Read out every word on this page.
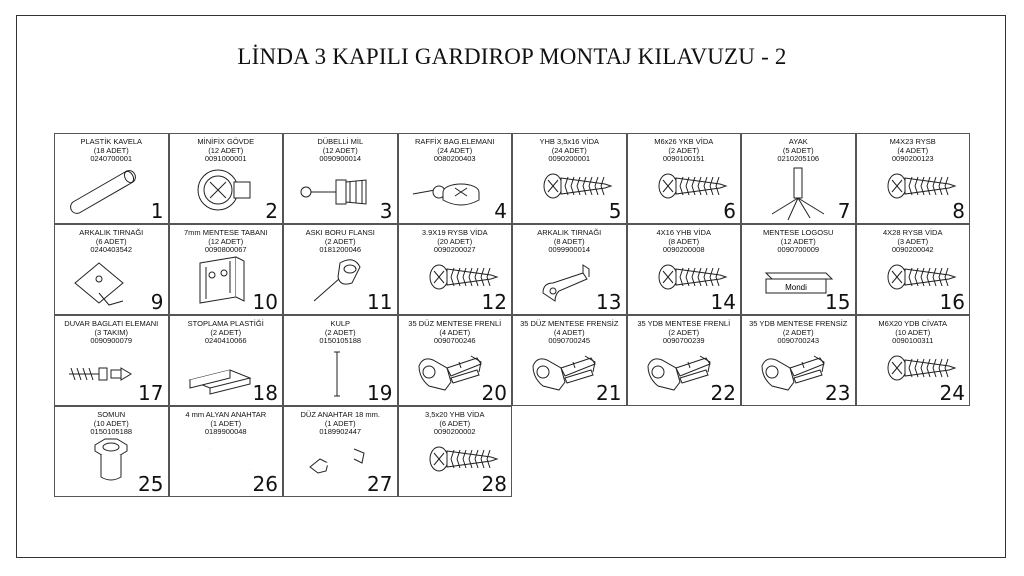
LİNDA 3 KAPILI GARDIROP MONTAJ KILAVUZU - 2
PLASTİK KAVELA
(18 ADET)
0240700001
1
MİNİFİX GÖVDE
(12 ADET)
0091000001
2
DÜBELLİ MİL
(12 ADET)
0090900014
3
RAFFİX BAG.ELEMANI
(24 ADET)
0080200403
4
YHB 3,5x16 VİDA
(24 ADET)
0090200001
5
M6x26 YKB VİDA
(2 ADET)
0090100151
6
AYAK
(5 ADET)
0210205106
7
M4X23 RYSB
(4 ADET)
0090200123
8
ARKALIK TIRNAĞI
(6 ADET)
0240403542
9
7mm MENTESE TABANI
(12 ADET)
0090800067
10
ASKI BORU FLANSI
(2 ADET)
0181200046
11
3.9X19 RYSB VİDA
(20 ADET)
0090200027
12
ARKALIK TIRNAĞI
(8 ADET)
0099900014
13
4X16 YHB VİDA
(8 ADET)
0090200008
14
MENTESE LOGOSU
(12 ADET)
0090700009
Mondi
15
4X28 RYSB VİDA
(3 ADET)
0090200042
16
DUVAR BAGLATI ELEMANI
(3 TAKIM)
0090900079
17
STOPLAMA PLASTİĞİ
(2 ADET)
0240410066
18
KULP
(2 ADET)
0150105188
19
35 DÜZ MENTESE FRENLİ
(4 ADET)
0090700246
20
35 DÜZ MENTESE FRENSİZ
(4 ADET)
0090700245
21
35 YDB MENTESE FRENLİ
(2 ADET)
0090700239
22
35 YDB MENTESE FRENSİZ
(2 ADET)
0090700243
23
M6X20 YDB CİVATA
(10 ADET)
0090100311
24
SOMUN
(10 ADET)
0150105188
25
4 mm ALYAN ANAHTAR
(1 ADET)
0189900048
26
DÜZ ANAHTAR 18 mm.
(1 ADET)
0189902447
27
3,5x20 YHB VİDA
(6 ADET)
0090200002
28
